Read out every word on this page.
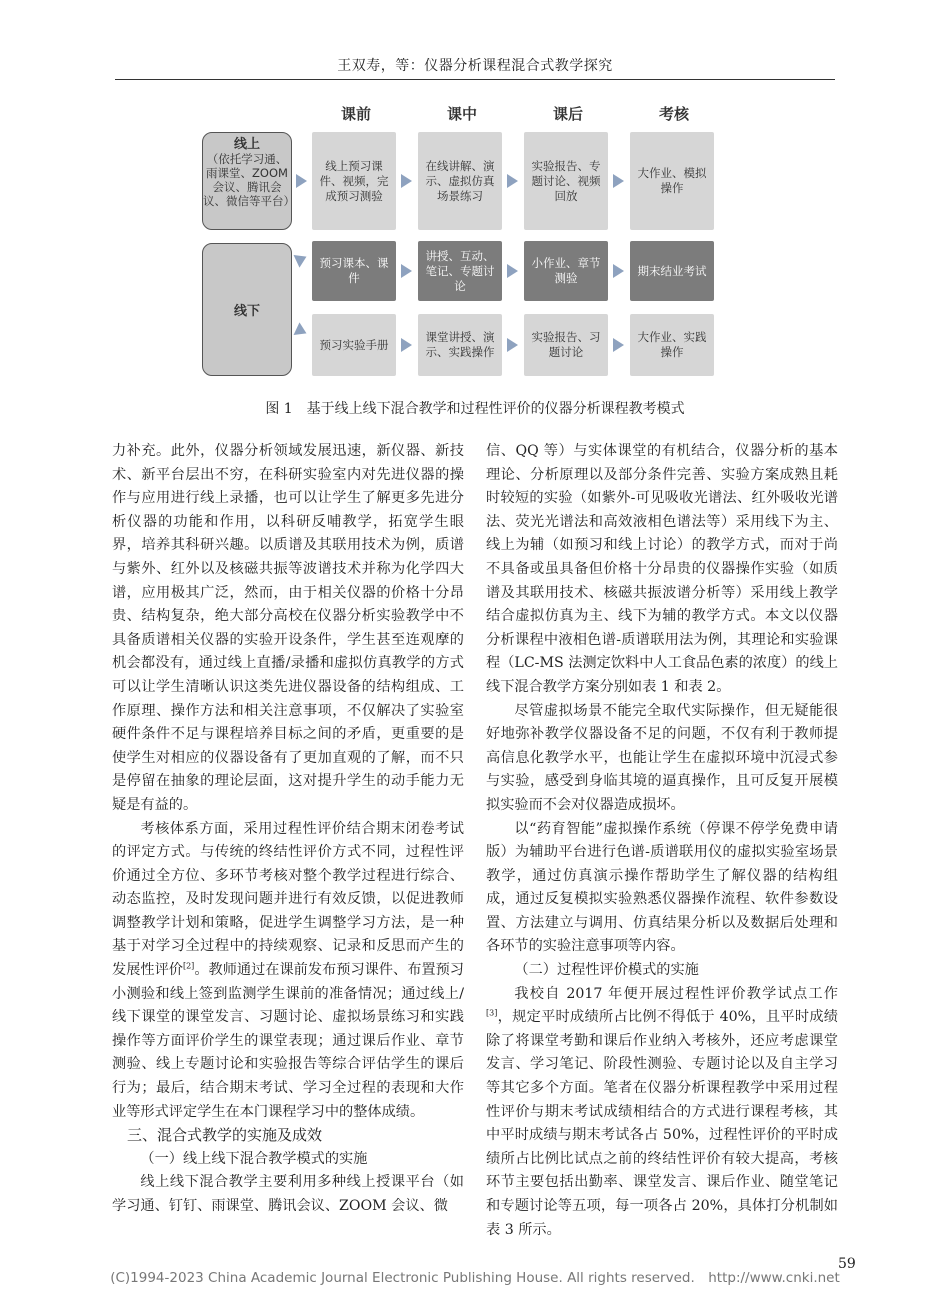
王双寿，等：仪器分析课程混合式教学探究
课前	课中	课后	考核
线上
（依托学习通、雨课堂、ZOOM会议、腾讯会议、微信等平台）
线下
线上预习课件、视频，完成预习测验
在线讲解、演示、虚拟仿真场景练习
实验报告、专题讨论、视频回放
大作业、模拟操作
预习课本、课件
讲授、互动、笔记、专题讨论
小作业、章节测验
期末结业考试
预习实验手册
课堂讲授、演示、实践操作
实验报告、习题讨论
大作业、实践操作
图 1　基于线上线下混合教学和过程性评价的仪器分析课程教考模式

力补充。此外，仪器分析领域发展迅速，新仪器、新技术、新平台层出不穷，在科研实验室内对先进仪器的操作与应用进行线上录播，也可以让学生了解更多先进分析仪器的功能和作用，以科研反哺教学，拓宽学生眼界，培养其科研兴趣。以质谱及其联用技术为例，质谱与紫外、红外以及核磁共振等波谱技术并称为化学四大谱，应用极其广泛，然而，由于相关仪器的价格十分昂贵、结构复杂，绝大部分高校在仪器分析实验教学中不具备质谱相关仪器的实验开设条件，学生甚至连观摩的机会都没有，通过线上直播/录播和虚拟仿真教学的方式可以让学生清晰认识这类先进仪器设备的结构组成、工作原理、操作方法和相关注意事项，不仅解决了实验室硬件条件不足与课程培养目标之间的矛盾，更重要的是使学生对相应的仪器设备有了更加直观的了解，而不只是停留在抽象的理论层面，这对提升学生的动手能力无疑是有益的。

考核体系方面，采用过程性评价结合期末闭卷考试的评定方式。与传统的终结性评价方式不同，过程性评价通过全方位、多环节考核对整个教学过程进行综合、动态监控，及时发现问题并进行有效反馈，以促进教师调整教学计划和策略，促进学生调整学习方法，是一种基于对学习全过程中的持续观察、记录和反思而产生的发展性评价[2]。教师通过在课前发布预习课件、布置预习小测验和线上签到监测学生课前的准备情况；通过线上/线下课堂的课堂发言、习题讨论、虚拟场景练习和实践操作等方面评价学生的课堂表现；通过课后作业、章节测验、线上专题讨论和实验报告等综合评估学生的课后行为；最后，结合期末考试、学习全过程的表现和大作业等形式评定学生在本门课程学习中的整体成绩。

三、混合式教学的实施及成效

（一）线上线下混合教学模式的实施

线上线下混合教学主要利用多种线上授课平台（如学习通、钉钉、雨课堂、腾讯会议、ZOOM 会议、微

信、QQ 等）与实体课堂的有机结合，仪器分析的基本理论、分析原理以及部分条件完善、实验方案成熟且耗时较短的实验（如紫外-可见吸收光谱法、红外吸收光谱法、荧光光谱法和高效液相色谱法等）采用线下为主、线上为辅（如预习和线上讨论）的教学方式，而对于尚不具备或虽具备但价格十分昂贵的仪器操作实验（如质谱及其联用技术、核磁共振波谱分析等）采用线上教学结合虚拟仿真为主、线下为辅的教学方式。本文以仪器分析课程中液相色谱-质谱联用法为例，其理论和实验课程（LC-MS 法测定饮料中人工食品色素的浓度）的线上线下混合教学方案分别如表 1 和表 2。

尽管虚拟场景不能完全取代实际操作，但无疑能很好地弥补教学仪器设备不足的问题，不仅有利于教师提高信息化教学水平，也能让学生在虚拟环境中沉浸式参与实验，感受到身临其境的逼真操作，且可反复开展模拟实验而不会对仪器造成损坏。

以“药育智能”虚拟操作系统（停课不停学免费申请版）为辅助平台进行色谱-质谱联用仪的虚拟实验室场景教学，通过仿真演示操作帮助学生了解仪器的结构组成，通过反复模拟实验熟悉仪器操作流程、软件参数设置、方法建立与调用、仿真结果分析以及数据后处理和各环节的实验注意事项等内容。

（二）过程性评价模式的实施

我校自 2017 年便开展过程性评价教学试点工作[3]，规定平时成绩所占比例不得低于 40%，且平时成绩除了将课堂考勤和课后作业纳入考核外，还应考虑课堂发言、学习笔记、阶段性测验、专题讨论以及自主学习等其它多个方面。笔者在仪器分析课程教学中采用过程性评价与期末考试成绩相结合的方式进行课程考核，其中平时成绩与期末考试各占 50%，过程性评价的平时成绩所占比例比试点之前的终结性评价有较大提高，考核环节主要包括出勤率、课堂发言、课后作业、随堂笔记和专题讨论等五项，每一项各占 20%，具体打分机制如表 3 所示。

59
(C)1994-2023 China Academic Journal Electronic Publishing House. All rights reserved.　http://www.cnki.net
